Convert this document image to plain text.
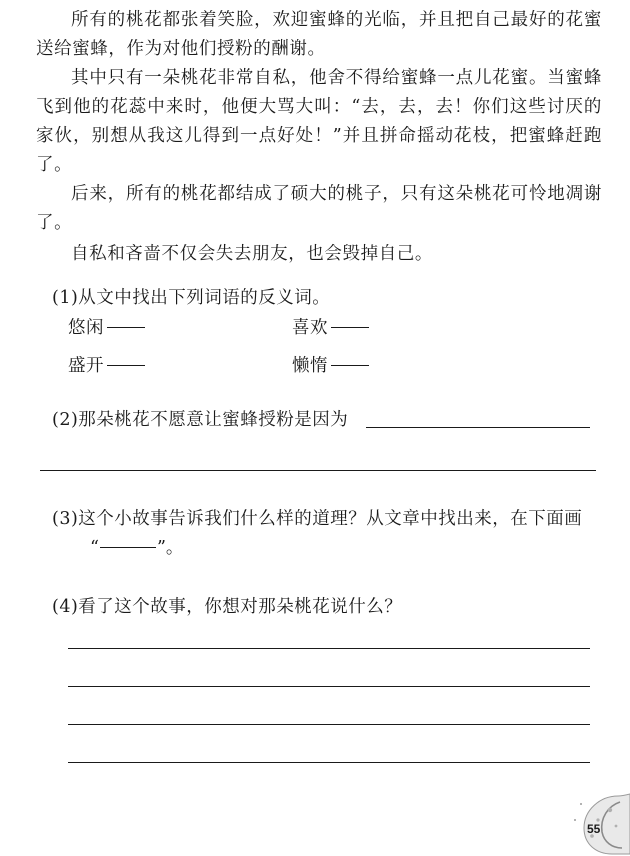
所有的桃花都张着笑脸，欢迎蜜蜂的光临，并且把自己最好的花蜜送给蜜蜂，作为对他们授粉的酬谢。

其中只有一朵桃花非常自私，他舍不得给蜜蜂一点儿花蜜。当蜜蜂飞到他的花蕊中来时，他便大骂大叫：“去，去，去！你们这些讨厌的家伙，别想从我这儿得到一点好处！”并且拼命摇动花枝，把蜜蜂赶跑了。

后来，所有的桃花都结成了硕大的桃子，只有这朵桃花可怜地凋谢了。

自私和吝啬不仅会失去朋友，也会毁掉自己。

(1)从文中找出下列词语的反义词。
悠闲	喜欢
盛开	懒惰
(2)那朵桃花不愿意让蜜蜂授粉是因为
(3)这个小故事告诉我们什么样的道理？从文章中找出来，在下面画
“	”。
(4)看了这个故事，你想对那朵桃花说什么？
55
